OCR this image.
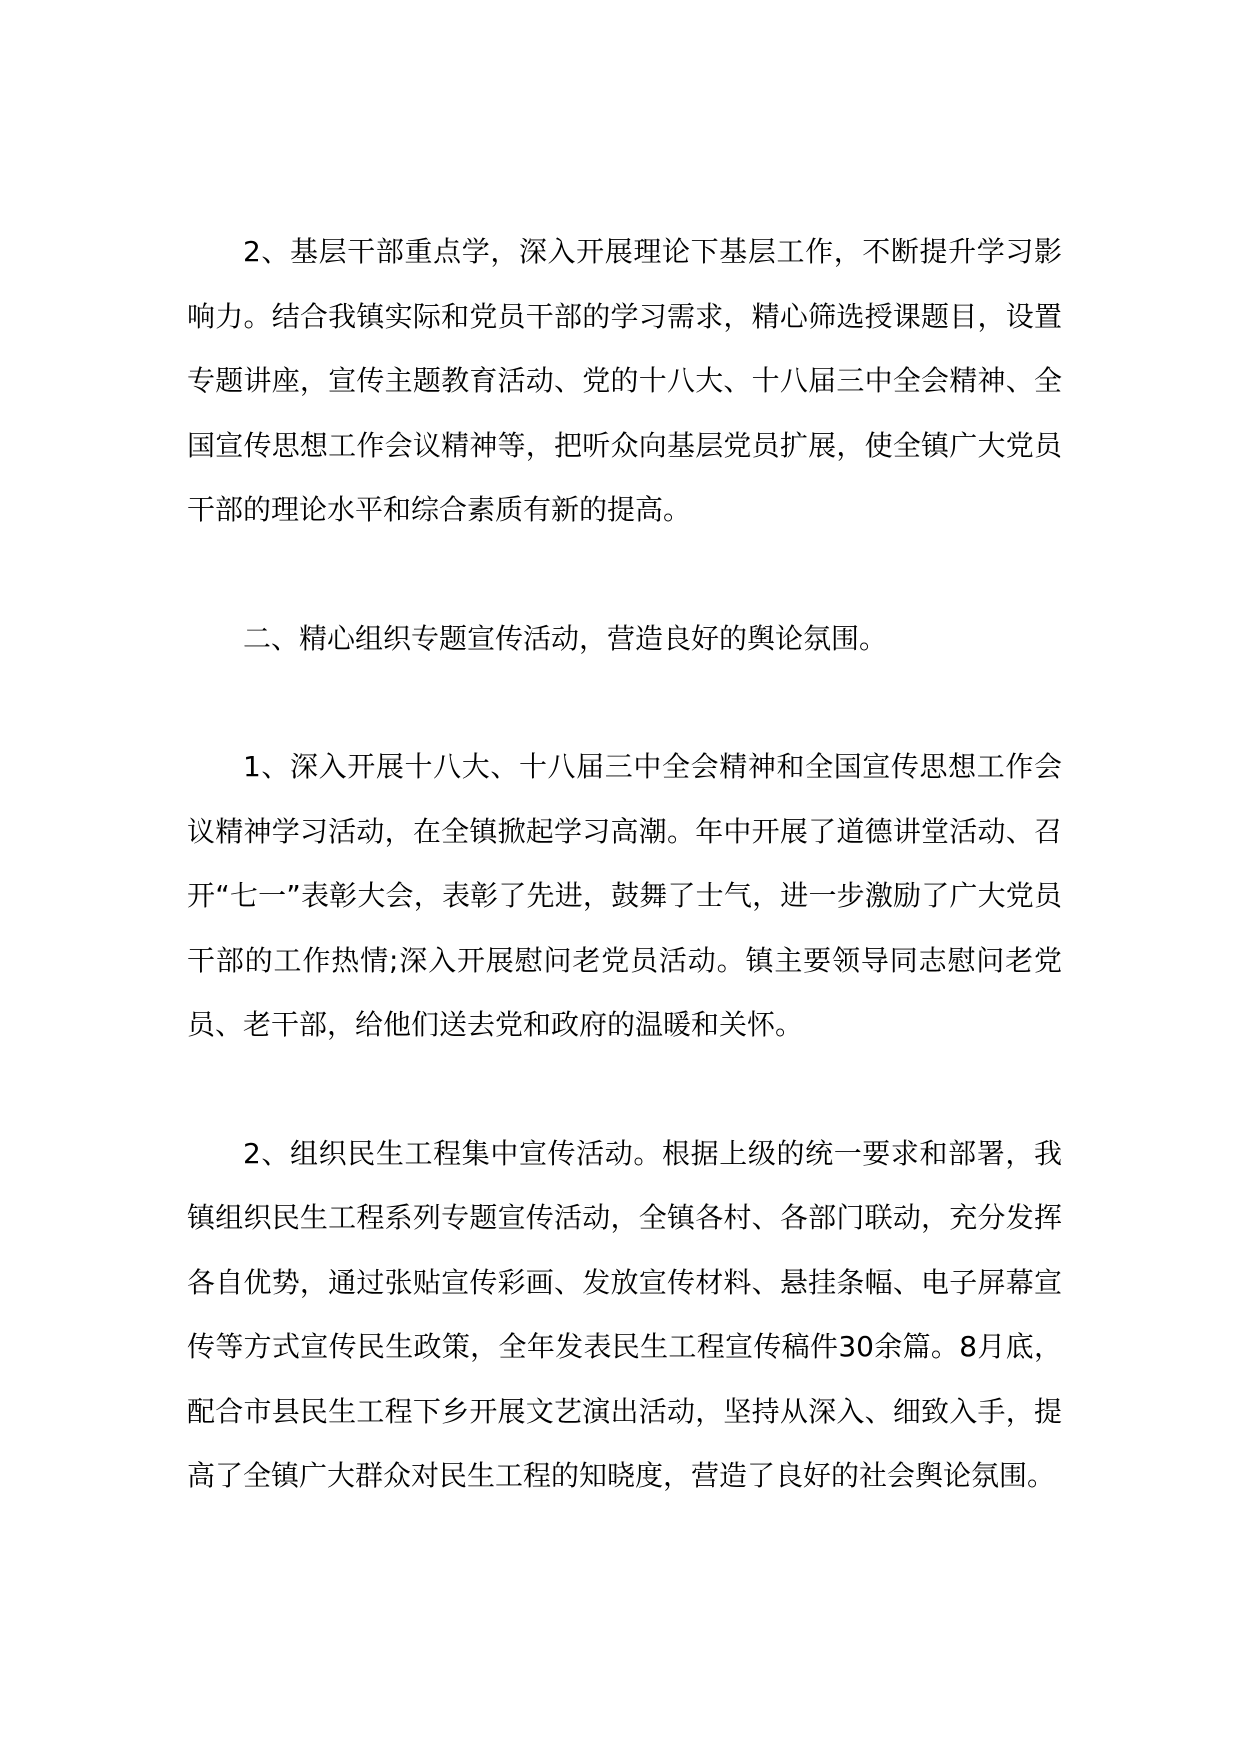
2、基层干部重点学，深入开展理论下基层工作，不断提升学习影响力。结合我镇实际和党员干部的学习需求，精心筛选授课题目，设置专题讲座，宣传主题教育活动、党的十八大、十八届三中全会精神、全国宣传思想工作会议精神等，把听众向基层党员扩展，使全镇广大党员干部的理论水平和综合素质有新的提高。

二、精心组织专题宣传活动，营造良好的舆论氛围。

1、深入开展十八大、十八届三中全会精神和全国宣传思想工作会议精神学习活动，在全镇掀起学习高潮。年中开展了道德讲堂活动、召开“七一”表彰大会，表彰了先进，鼓舞了士气，进一步激励了广大党员干部的工作热情;深入开展慰问老党员活动。镇主要领导同志慰问老党员、老干部，给他们送去党和政府的温暖和关怀。

2、组织民生工程集中宣传活动。根据上级的统一要求和部署，我镇组织民生工程系列专题宣传活动，全镇各村、各部门联动，充分发挥各自优势，通过张贴宣传彩画、发放宣传材料、悬挂条幅、电子屏幕宣传等方式宣传民生政策，全年发表民生工程宣传稿件30余篇。8月底，配合市县民生工程下乡开展文艺演出活动，坚持从深入、细致入手，提高了全镇广大群众对民生工程的知晓度，营造了良好的社会舆论氛围。
